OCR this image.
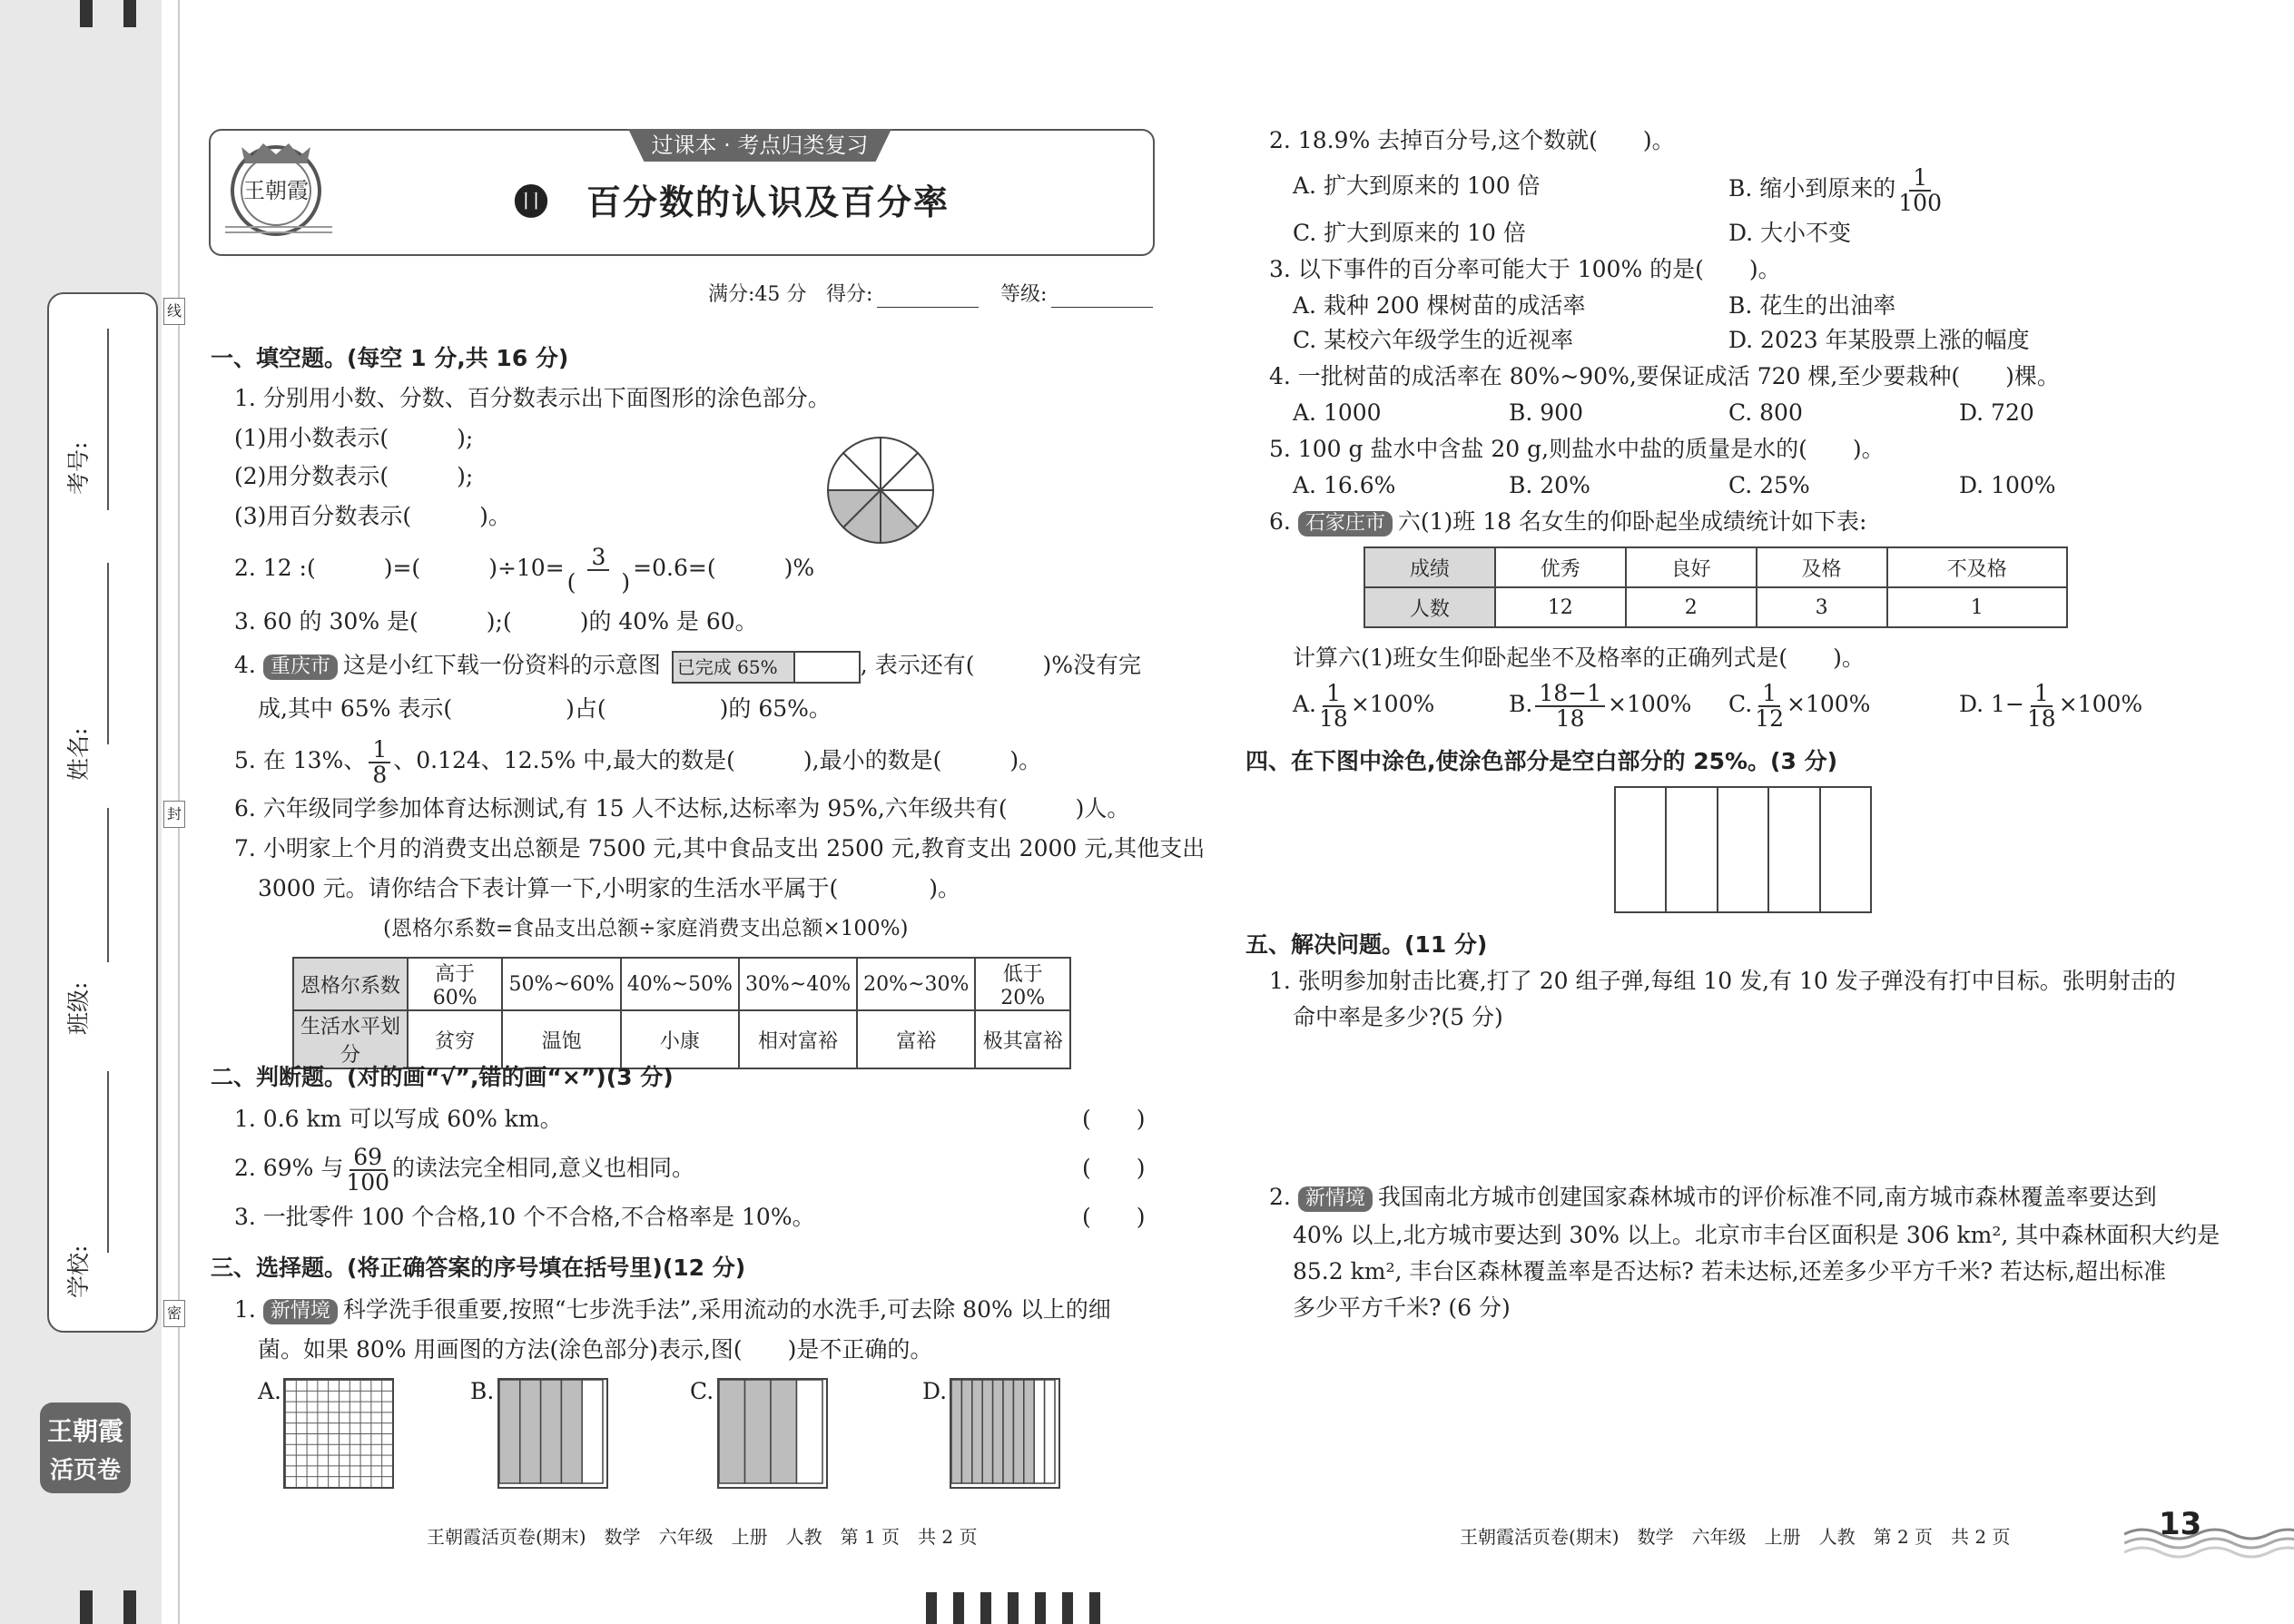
考号:
姓名:
班级:
学校:
线
封
密
王朝霞
活页卷
过课本 · 考点归类复习
王朝霞	⓫ 百分数的认识及百分率
满分:45 分 得分:	等级:
一、填空题。(每空 1 分,共 16 分)
1. 分别用小数、分数、百分数表示出下面图形的涂色部分。
(1)用小数表示(　　　);
(2)用分数表示(　　　);
(3)用百分数表示(　　　)。
2. 12 :(　　　)=(　　　)÷10= 3
(　　)
=0.6=(　　　)%
3. 60 的 30% 是(　　　);(　　　)的 40% 是 60。
4. 重庆市 这是小红下载一份资料的示意图 已完成 65%	, 表示还有(　　　)%没有完
成,其中 65% 表示(　　　　　)占(　　　　　)的 65%。
5. 在 13%、 $\frac{1}{8}$ 、0.124、12.5% 中,最大的数是(　　　),最小的数是(　　　)。
6. 六年级同学参加体育达标测试,有 15 人不达标,达标率为 95%,六年级共有(　　　)人。
7. 小明家上个月的消费支出总额是 7500 元,其中食品支出 2500 元,教育支出 2000 元,其他支出
3000 元。请你结合下表计算一下,小明家的生活水平属于(　　　　)。
(恩格尔系数=食品支出总额÷家庭消费支出总额×100%)
恩格尔系数	高于 60%	50%~60%	40%~50%	30%~40%	20%~30%	低于 20%
生活水平划分	贫穷	温饱	小康	相对富裕	富裕	极其富裕
二、判断题。(对的画“√”,错的画“×”)(3 分)
1. 0.6 km 可以写成 60% km。	(　　)
2. 69% 与 $\frac{69}{100}$ 的读法完全相同,意义也相同。	(　　)
3. 一批零件 100 个合格,10 个不合格,不合格率是 10%。	(　　)
三、选择题。(将正确答案的序号填在括号里)(12 分)
1. 新情境 科学洗手很重要,按照“七步洗手法”,采用流动的水洗手,可去除 80% 以上的细
菌。如果 80% 用画图的方法(涂色部分)表示,图(　　)是不正确的。
A.	B.	C.	D.
王朝霞活页卷(期末)　数学　六年级　上册　人教　第 1 页　共 2 页
2. 18.9% 去掉百分号,这个数就(　　)。
A. 扩大到原来的 100 倍	B. 缩小到原来的 $\frac{1}{100}$
C. 扩大到原来的 10 倍	D. 大小不变
3. 以下事件的百分率可能大于 100% 的是(　　)。
A. 栽种 200 棵树苗的成活率	B. 花生的出油率
C. 某校六年级学生的近视率	D. 2023 年某股票上涨的幅度
4. 一批树苗的成活率在 80%~90%,要保证成活 720 棵,至少要栽种(　　)棵。
A. 1000	B. 900	C. 800	D. 720
5. 100 g 盐水中含盐 20 g,则盐水中盐的质量是水的(　　)。
A. 16.6%	B. 20%	C. 25%	D. 100%
6. 石家庄市 六(1)班 18 名女生的仰卧起坐成绩统计如下表:
成绩	优秀	良好	及格	不及格
人数	12	2	3	1
计算六(1)班女生仰卧起坐不及格率的正确列式是(　　)。
A. $\frac{1}{18} \times 100\%$	B. $\frac{18-1}{18} \times 100\%$ C. $\frac{1}{12} \times 100\%$	D. $1- \frac{1}{18} \times 100\%$
四、在下图中涂色,使涂色部分是空白部分的 25%。(3 分)
五、解决问题。(11 分)
1. 张明参加射击比赛,打了 20 组子弹,每组 10 发,有 10 发子弹没有打中目标。张明射击的
命中率是多少?(5 分)
2. 新情境 我国南北方城市创建国家森林城市的评价标准不同,南方城市森林覆盖率要达到
40% 以上,北方城市要达到 30% 以上。北京市丰台区面积是 306 km², 其中森林面积大约是
85.2 km², 丰台区森林覆盖率是否达标? 若未达标,还差多少平方千米? 若达标,超出标准
多少平方千米? (6 分)
王朝霞活页卷(期末)　数学　六年级　上册　人教　第 2 页　共 2 页	13
